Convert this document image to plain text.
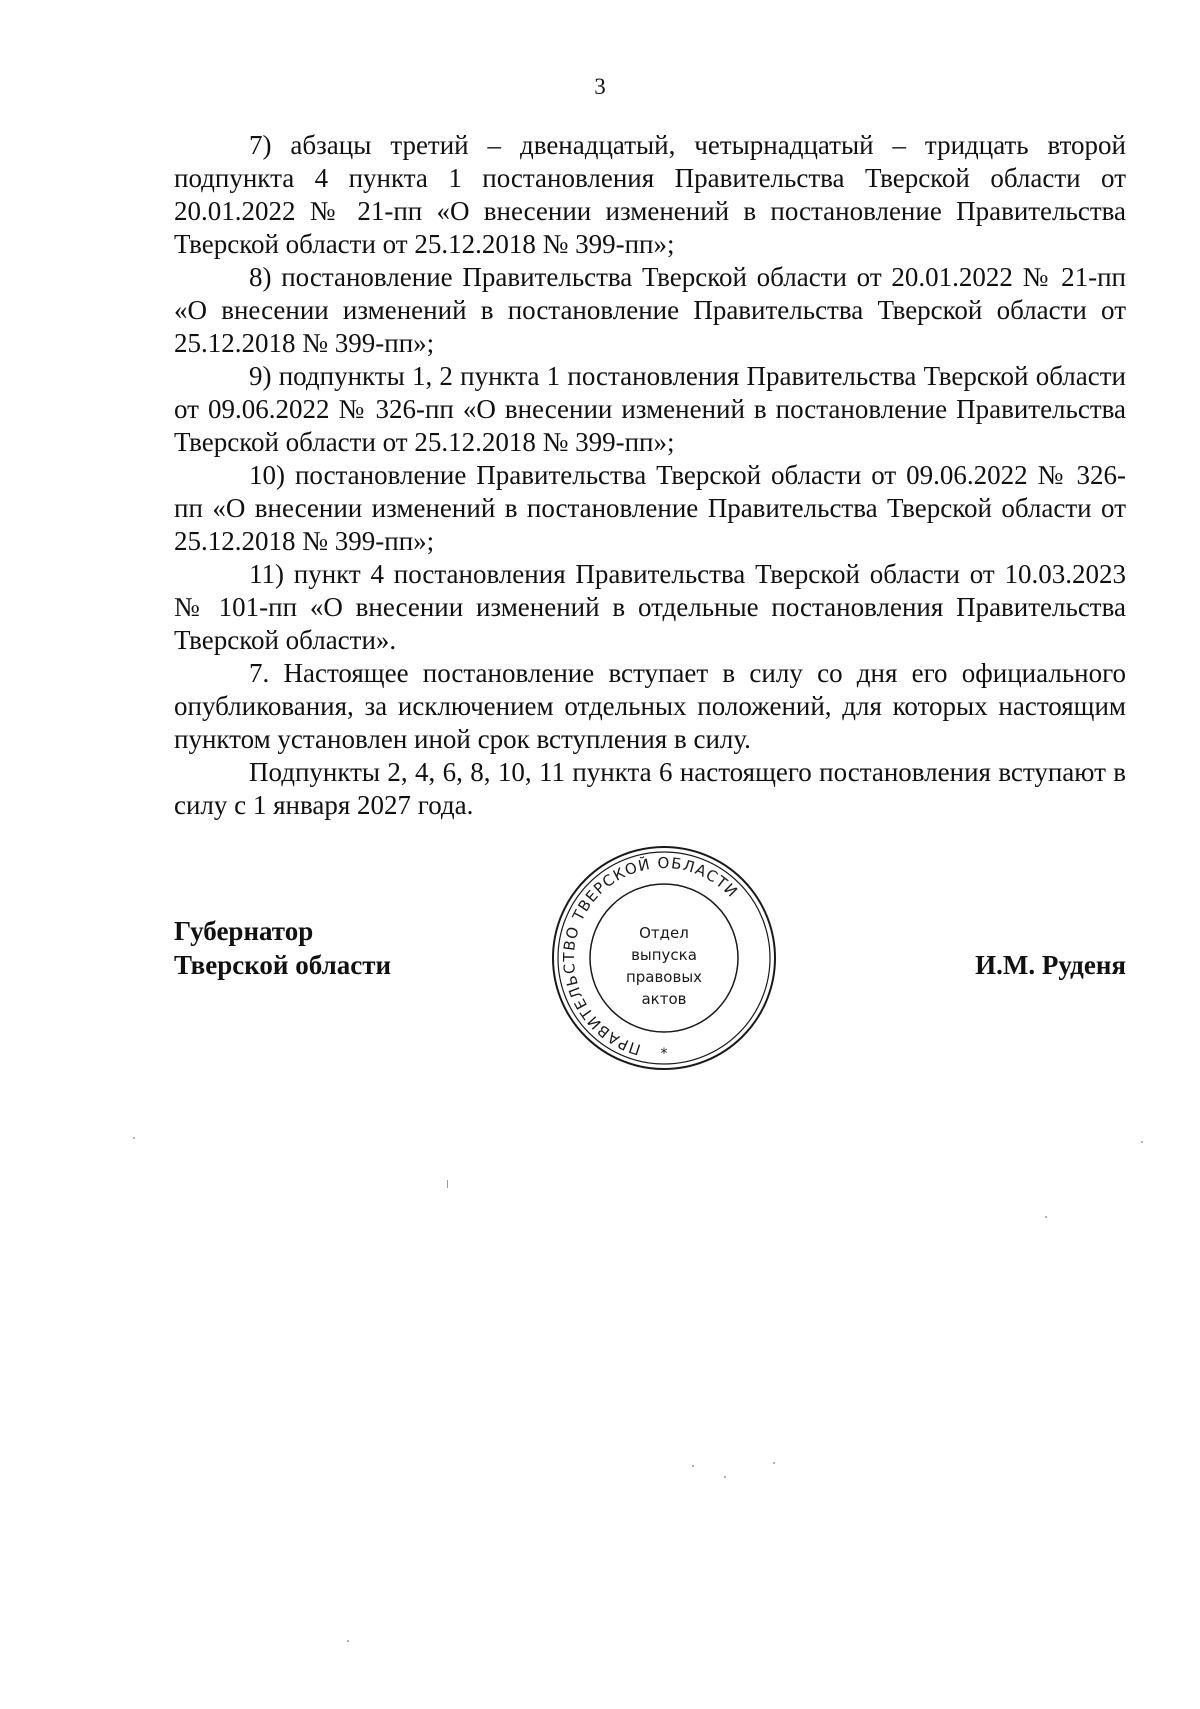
3

7) абзацы третий – двенадцатый, четырнадцатый – тридцать второй подпункта 4 пункта 1 постановления Правительства Тверской области от 20.01.2022 № 21-пп «О внесении изменений в постановление Правительства Тверской области от 25.12.2018 № 399-пп»;

8) постановление Правительства Тверской области от 20.01.2022 № 21-пп «О внесении изменений в постановление Правительства Тверской области от 25.12.2018 № 399-пп»;

9) подпункты 1, 2 пункта 1 постановления Правительства Тверской области от 09.06.2022 № 326-пп «О внесении изменений в постановление Правительства Тверской области от 25.12.2018 № 399-пп»;

10) постановление Правительства Тверской области от 09.06.2022 № 326-пп «О внесении изменений в постановление Правительства Тверской области от 25.12.2018 № 399-пп»;

11) пункт 4 постановления Правительства Тверской области от 10.03.2023 № 101-пп «О внесении изменений в отдельные постановления Правительства Тверской области».

7. Настоящее постановление вступает в силу со дня его официального опубликования, за исключением отдельных положений, для которых настоящим пунктом установлен иной срок вступления в силу.

Подпункты 2, 4, 6, 8, 10, 11 пункта 6 настоящего постановления вступают в силу с 1 января 2027 года.

Губернатор
Тверской области	И.М. Руденя
ПРАВИТЕЛЬСТВО ТВЕРСКОЙ ОБЛАСТИ
Отдел
выпуска
правовых
актов
*
